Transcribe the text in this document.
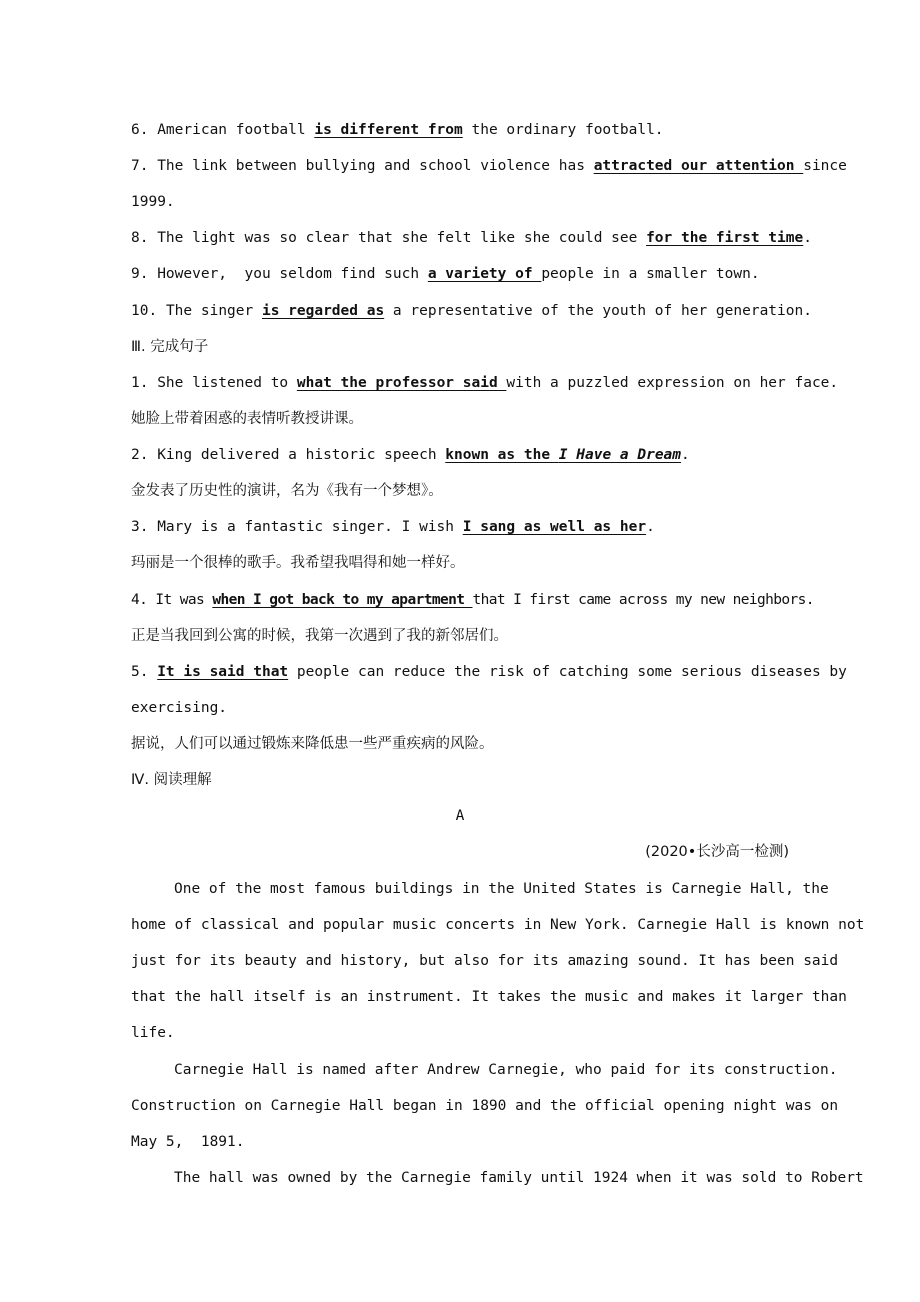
6. American football is different from the ordinary football.
7. The link between bullying and school violence has attracted our attention since
1999.
8. The light was so clear that she felt like she could see for the first time.
9. However,  you seldom find such a variety of people in a smaller town.
10. The singer is regarded as a representative of the youth of her generation.
Ⅲ. 完成句子
1. She listened to what the professor said with a puzzled expression on her face.
她脸上带着困惑的表情听教授讲课。
2. King delivered a historic speech known as the I Have a Dream.
金发表了历史性的演讲，名为《我有一个梦想》。
3. Mary is a fantastic singer. I wish I sang as well as her.
玛丽是一个很棒的歌手。我希望我唱得和她一样好。
4. It was when I got back to my apartment that I first came across my new neighbors.
正是当我回到公寓的时候，我第一次遇到了我的新邻居们。
5. It is said that people can reduce the risk of catching some serious diseases by
exercising.
据说，人们可以通过锻炼来降低患一些严重疾病的风险。
Ⅳ. 阅读理解
A
(2020•长沙高一检测)
One of the most famous buildings in the United States is Carnegie Hall, the
home of classical and popular music concerts in New York. Carnegie Hall is known not
just for its beauty and history, but also for its amazing sound. It has been said
that the hall itself is an instrument. It takes the music and makes it larger than
life.
Carnegie Hall is named after Andrew Carnegie, who paid for its construction.
Construction on Carnegie Hall began in 1890 and the official opening night was on
May 5,  1891.
The hall was owned by the Carnegie family until 1924 when it was sold to Robert
